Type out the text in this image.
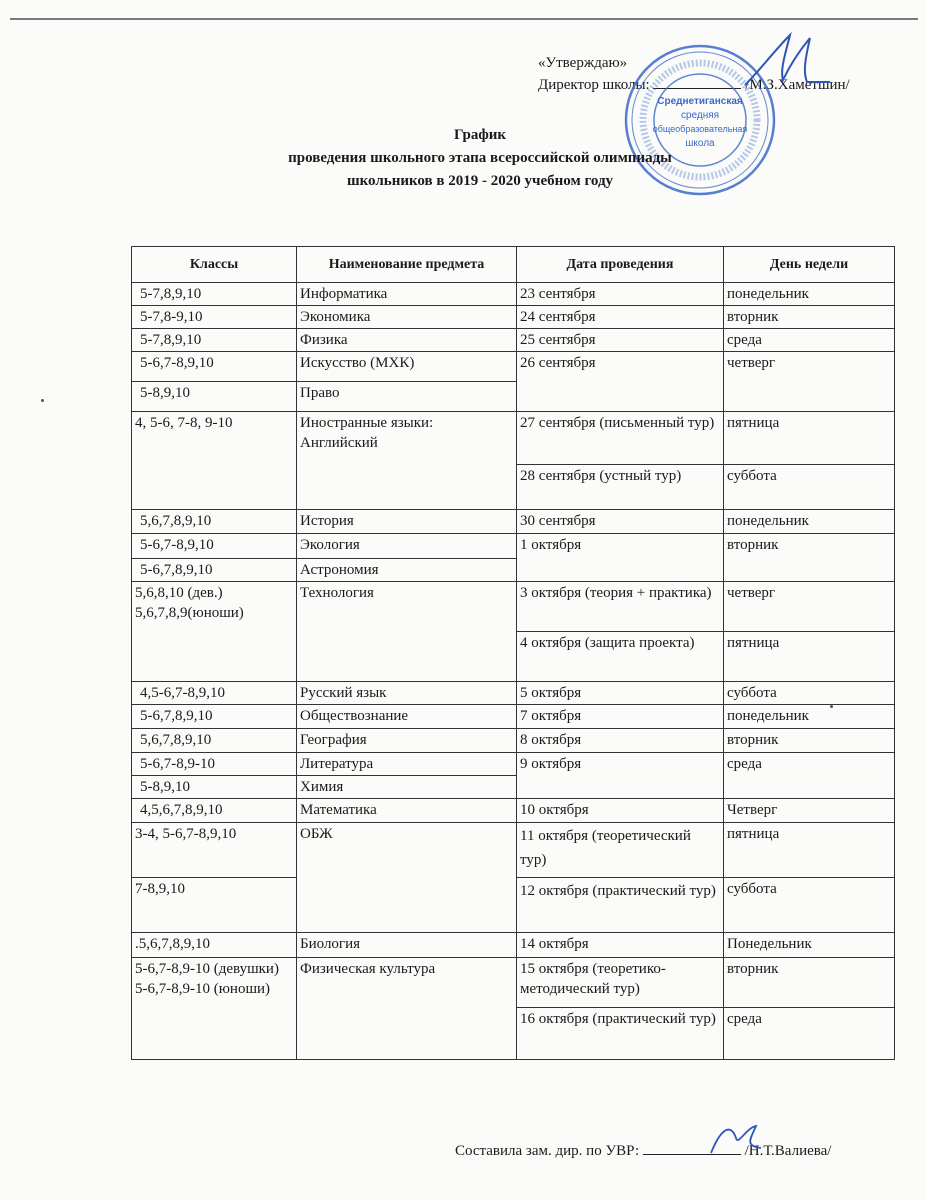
«Утверждаю»
Директор школы:	/М.З.Хаметшин/
Среднетиганская
средняя
общеобразовательная
школа
График
проведения школьного этапа всероссийской олимпиады
школьников в 2019 - 2020 учебном году
Классы	Наименование предмета	Дата проведения	День недели
5-7,8,9,10	Информатика	23 сентября	понедельник
5-7,8-9,10	Экономика	24 сентября	вторник
5-7,8,9,10	Физика	25 сентября	среда
5-6,7-8,9,10	Искусство (МХК)	26 сентября	четверг
5-8,9,10	Право		
4, 5-6, 7-8, 9-10	Иностранные языки: Английский	27 сентября (письменный тур)	пятница
		28 сентября (устный тур)	суббота
5,6,7,8,9,10	История	30 сентября	понедельник
5-6,7-8,9,10	Экология	1 октября	вторник
5-6,7,8,9,10	Астрономия		
5,6,8,10 (дев.) 5,6,7,8,9(юноши)	Технология	3 октября (теория + практика)	четверг
		4 октября (защита проекта)	пятница
4,5-6,7-8,9,10	Русский язык	5 октября	суббота
5-6,7,8,9,10	Обществознание	7 октября	понедельник
5,6,7,8,9,10	География	8 октября	вторник
5-6,7-8,9-10	Литература	9 октября	среда
5-8,9,10	Химия		
4,5,6,7,8,9,10	Математика	10 октября	Четверг
3-4, 5-6,7-8,9,10	ОБЖ	11 октября (теоретический тур)	пятница
7-8,9,10		12 октября (практический тур)	суббота
.5,6,7,8,9,10	Биология	14 октября	Понедельник
5-6,7-8,9-10 (девушки) 5-6,7-8,9-10 (юноши)	Физическая культура	15 октября (теоретико-методический тур)	вторник
		16 октября (практический тур)	среда
Составила зам. дир. по УВР:	/Н.Т.Валиева/
